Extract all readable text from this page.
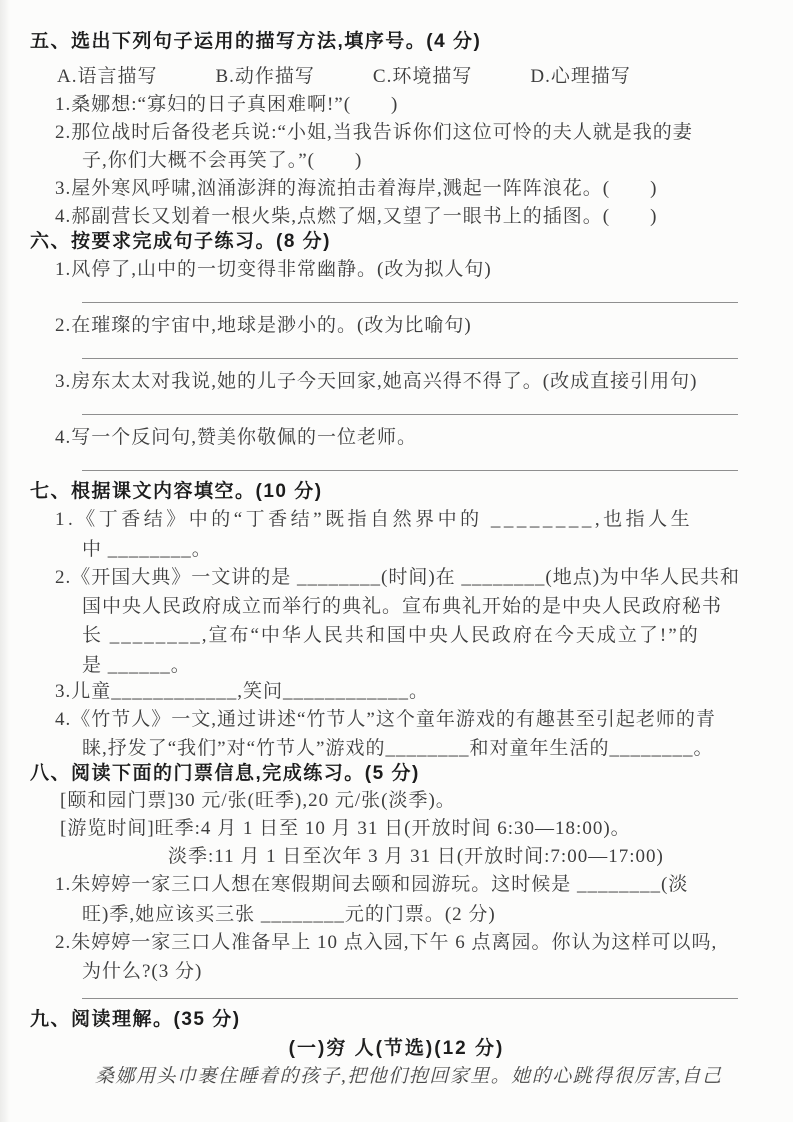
五、选出下列句子运用的描写方法,填序号。(4 分)
A.语言描写	B.动作描写	C.环境描写	D.心理描写
1.桑娜想:“寡妇的日子真困难啊!”(　　)
2.那位战时后备役老兵说:“小姐,当我告诉你们这位可怜的夫人就是我的妻
子,你们大概不会再笑了。”(　　)
3.屋外寒风呼啸,汹涌澎湃的海流拍击着海岸,溅起一阵阵浪花。(　　)
4.郝副营长又划着一根火柴,点燃了烟,又望了一眼书上的插图。(　　)
六、按要求完成句子练习。(8 分)
1.风停了,山中的一切变得非常幽静。(改为拟人句)
2.在璀璨的宇宙中,地球是渺小的。(改为比喻句)
3.房东太太对我说,她的儿子今天回家,她高兴得不得了。(改成直接引用句)
4.写一个反问句,赞美你敬佩的一位老师。
七、根据课文内容填空。(10 分)
1.《丁香结》中的“丁香结”既指自然界中的 ________,也指人生
中 ________。
2.《开国大典》一文讲的是 ________(时间)在 ________(地点)为中华人民共和
国中央人民政府成立而举行的典礼。宣布典礼开始的是中央人民政府秘书
长 ________,宣布“中华人民共和国中央人民政府在今天成立了!”的
是 ______。
3.儿童____________,笑问____________。
4.《竹节人》一文,通过讲述“竹节人”这个童年游戏的有趣甚至引起老师的青
睐,抒发了“我们”对“竹节人”游戏的________和对童年生活的________。
八、阅读下面的门票信息,完成练习。(5 分)
[颐和园门票]30 元/张(旺季),20 元/张(淡季)。
[游览时间]旺季:4 月 1 日至 10 月 31 日(开放时间 6:30—18:00)。
淡季:11 月 1 日至次年 3 月 31 日(开放时间:7:00—17:00)
1.朱婷婷一家三口人想在寒假期间去颐和园游玩。这时候是 ________(淡
旺)季,她应该买三张 ________元的门票。(2 分)
2.朱婷婷一家三口人准备早上 10 点入园,下午 6 点离园。你认为这样可以吗,
为什么?(3 分)
九、阅读理解。(35 分)
(一)穷 人(节选)(12 分)
桑娜用头巾裹住睡着的孩子,把他们抱回家里。她的心跳得很厉害,自己
